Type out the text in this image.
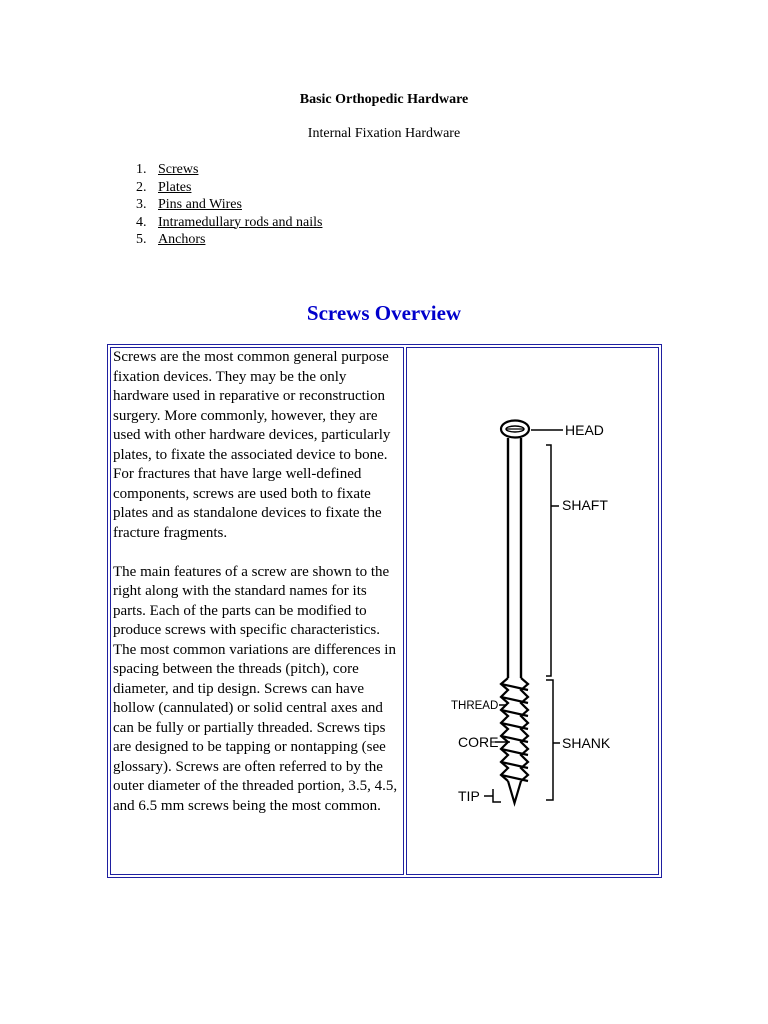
Basic Orthopedic Hardware
Internal Fixation Hardware
1. Screws
2. Plates
3. Pins and Wires
4. Intramedullary rods and nails
5. Anchors
Screws Overview

Screws are the most common general purpose fixation devices. They may be the only hardware used in reparative or reconstruction surgery. More commonly, however, they are used with other hardware devices, particularly plates, to fixate the associated device to bone. For fractures that have large well-defined components, screws are used both to fixate plates and as standalone devices to fixate the fracture fragments.

The main features of a screw are shown to the right along with the standard names for its parts. Each of the parts can be modified to produce screws with specific characteristics. The most common variations are differences in spacing between the threads (pitch), core diameter, and tip design. Screws can have hollow (cannulated) or solid central axes and can be fully or partially threaded. Screws tips are designed to be tapping or nontapping (see glossary). Screws are often referred to by the outer diameter of the threaded portion, 3.5, 4.5, and 6.5 mm screws being the most common.

HEAD
SHAFT
SHANK
THREAD
CORE
TIP
